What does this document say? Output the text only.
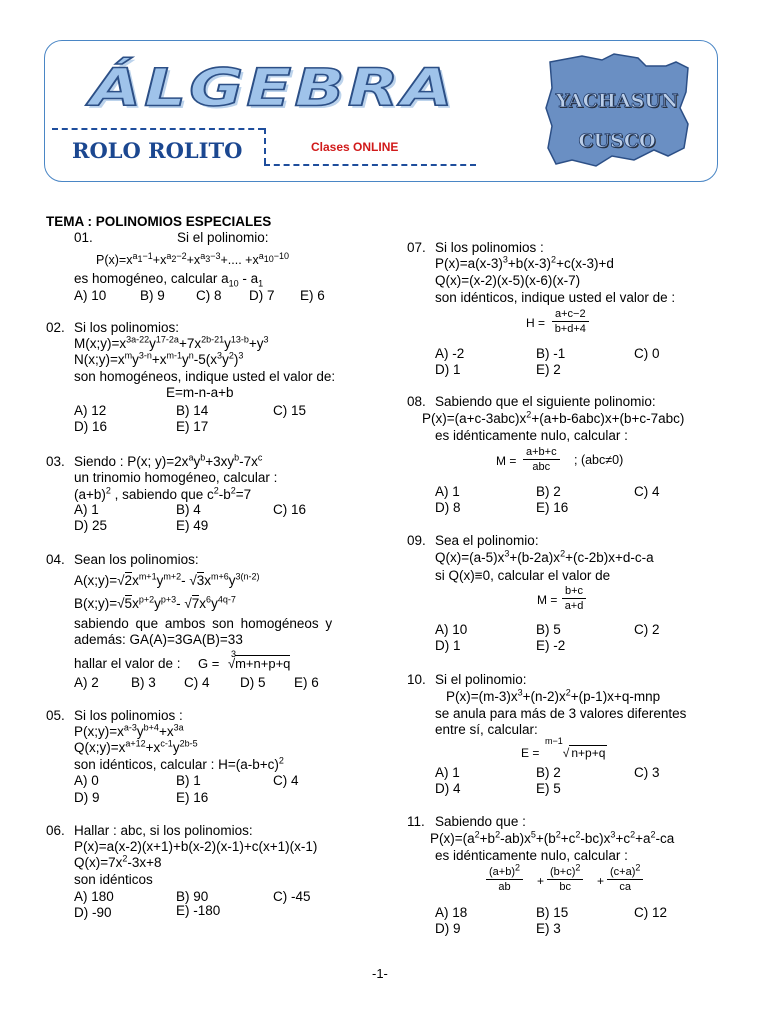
ÁLGEBRA
ROLO ROLITO	Clases ONLINE
YACHASUN
CUSCO
TEMA : POLINOMIOS ESPECIALES
01.	Si el polinomio:
$P(x)=x^{a_1-1}+x^{a_2-2}+x^{a_3-3}+$.... $+x^{a_{10}-10}$
es homogéneo, calcular $a_{10} - a_1$
A) 10 B) 9 C) 8 D) 7 E) 6
02. Si los polinomios:
$M(x;y)=x^{3a-22}y^{17-2a}+7x^{2b-21}y^{13-b}+y^3$
$N(x;y)=x^my^{3-n}+x^{m-1}y^n-5(x^3y^2)^3$
son homogéneos, indique usted el valor de:
E=m-n-a+b
A) 12	B) 14	C) 15
D) 16	E) 17
03. Siendo : P(x; $y)=2x^ay^b+3xy^b-7x^c$
un trinomio homogéneo, calcular :
$(a+b)^2$ , sabiendo que $c^2-b^2=7$
A) 1	B) 4	C) 16
D) 25	E) 49
04. Sean los polinomios:
$A(x;y)=√2x^{m+1}y^{m+2}-$ $√3x^{m+6}y^{3(n-2)}$
$B(x;y)=√5x^{p+2}y^{p+3}-$ $√7x^6y^{4q-7}$
sabiendo que ambos son homogéneos y
además: GA(A)=3GA(B)=33
hallar el valor de : G = $^3$√m+n+p+q
A) 2 B) 3 C) 4 D) 5 E) 6
05. Si los polinomios :
$P(x;y)=x^{a-3}y^{b+4}+x^{3a}$
$Q(x;y)=x^{a+12}+x^{c-1}y^{2b-5}$
son idénticos, calcular : $H=(a-b+c)^2$
A) 0	B) 1	C) 4
D) 9	E) 16
06. Hallar : abc, si los polinomios:
P(x)=a(x-2)(x+1)+b(x-2)(x-1)+c(x+1)(x-1)
$Q(x)=7x^2-3x+8$
son idénticos
A) 180	B) 90	C) -45
D) -90	E) -180
07. Si los polinomios :
$P(x)=a(x-3)^3+b(x-3)^2+c(x-3)+d$
Q(x)=(x-2)(x-5)(x-6)(x-7)
son idénticos, indique usted el valor de :
H =
a+c−2
b+d+4
A) -2	B) -1	C) 0
D) 1	E) 2
08. Sabiendo que el siguiente polinomio:
$P(x)=(a+c-3abc)x^2+(a+b-6abc)x+(b+c-7abc)$
es idénticamente nulo, calcular :
M =
a+b+c
abc ; (abc≠0)
A) 1	B) 2	C) 4
D) 8	E) 16
09. Sea el polinomio:
$Q(x)=(a-5)x^3+(b-2a)x^2+(c-2b)x+d-c-a$
si Q(x)≡0, calcular el valor de
M =
b+c
a+d
A) 10	B) 5	C) 2
D) 1	E) -2
10. Si el polinomio:
$P(x)=(m-3)x^3+(n-2)x^2+(p-1)x+q$-mnp
se anula para más de 3 valores diferentes
entre sí, calcular:
E =
$^{m-1}$√ n+p+q
A) 1	B) 2	C) 3
D) 4	E) 5
11. Sabiendo que :
$P(x)=(a^2+b^2-ab)x^5+(b^2+c^2-bc)x^3+c^2+a^2-ca$
es idénticamente nulo, calcular :
$(a+b)^2$
ab +
$(b+c)^2$
bc +
$(c+a)^2$
ca
A) 18	B) 15	C) 12
D) 9	E) 3
-1-
